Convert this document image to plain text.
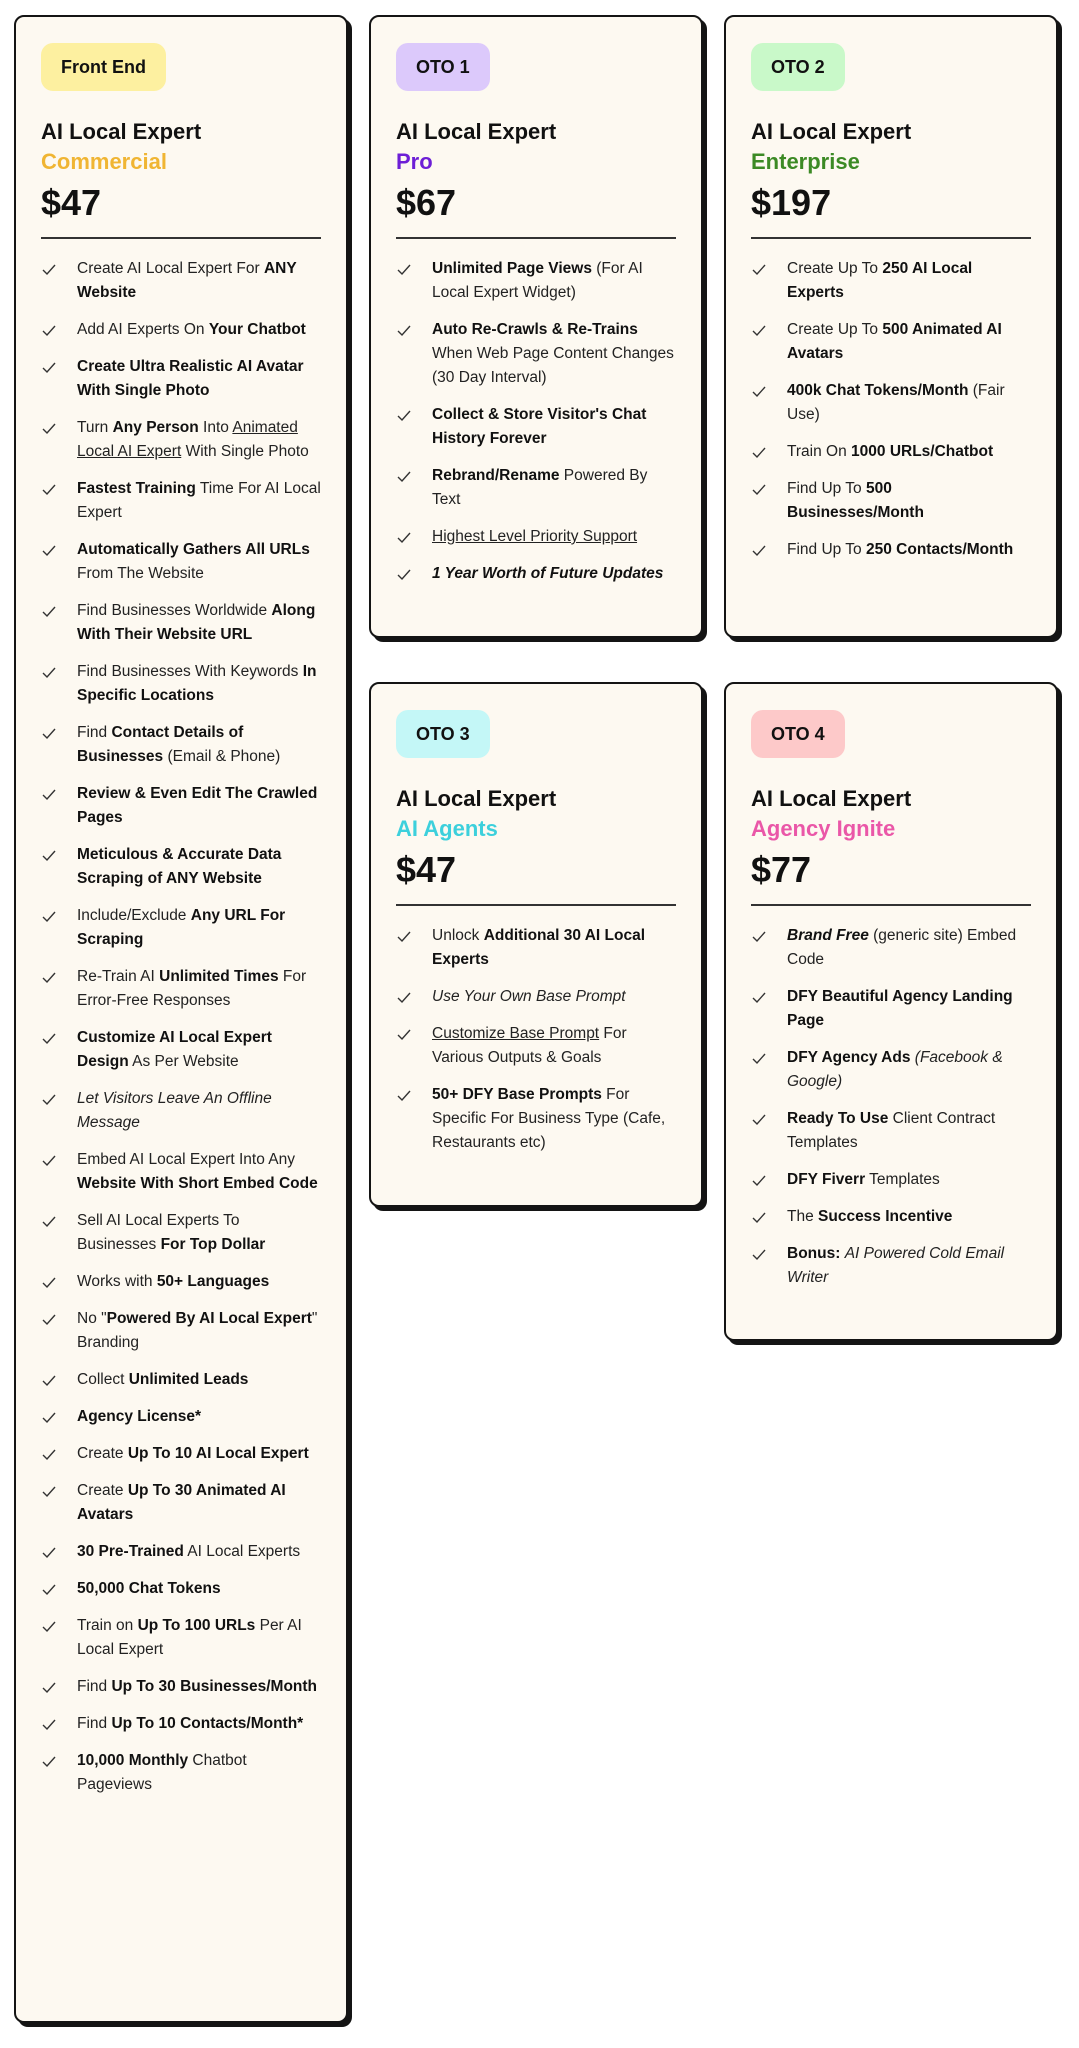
Front End
AI Local Expert
Commercial
$47
Create AI Local Expert For ANY Website
Add AI Experts On Your Chatbot
Create Ultra Realistic AI Avatar With Single Photo
Turn Any Person Into Animated Local AI Expert With Single Photo
Fastest Training Time For AI Local Expert
Automatically Gathers All URLs From The Website
Find Businesses Worldwide Along With Their Website URL
Find Businesses With Keywords In Specific Locations
Find Contact Details of Businesses (Email & Phone)
Review & Even Edit The Crawled Pages
Meticulous & Accurate Data Scraping of ANY Website
Include/Exclude Any URL For Scraping
Re-Train AI Unlimited Times For Error-Free Responses
Customize AI Local Expert Design As Per Website
Let Visitors Leave An Offline Message
Embed AI Local Expert Into Any Website With Short Embed Code
Sell AI Local Experts To Businesses For Top Dollar
Works with 50+ Languages
No "Powered By AI Local Expert" Branding
Collect Unlimited Leads
Agency License*
Create Up To 10 AI Local Expert
Create Up To 30 Animated AI Avatars
30 Pre-Trained AI Local Experts
50,000 Chat Tokens
Train on Up To 100 URLs Per AI Local Expert
Find Up To 30 Businesses/Month
Find Up To 10 Contacts/Month*
10,000 Monthly Chatbot Pageviews
OTO 1
AI Local Expert
Pro
$67
Unlimited Page Views (For AI Local Expert Widget)
Auto Re-Crawls & Re-Trains When Web Page Content Changes (30 Day Interval)
Collect & Store Visitor's Chat History Forever
Rebrand/Rename Powered By Text
Highest Level Priority Support
1 Year Worth of Future Updates
OTO 2
AI Local Expert
Enterprise
$197
Create Up To 250 AI Local Experts
Create Up To 500 Animated AI Avatars
400k Chat Tokens/Month (Fair Use)
Train On 1000 URLs/Chatbot
Find Up To 500 Businesses/Month
Find Up To 250 Contacts/Month
OTO 3
AI Local Expert
AI Agents
$47
Unlock Additional 30 AI Local Experts
Use Your Own Base Prompt
Customize Base Prompt For Various Outputs & Goals
50+ DFY Base Prompts For Specific For Business Type (Cafe, Restaurants etc)
OTO 4
AI Local Expert
Agency Ignite
$77
Brand Free (generic site) Embed Code
DFY Beautiful Agency Landing Page
DFY Agency Ads (Facebook & Google)
Ready To Use Client Contract Templates
DFY Fiverr Templates
The Success Incentive
Bonus: AI Powered Cold Email Writer
